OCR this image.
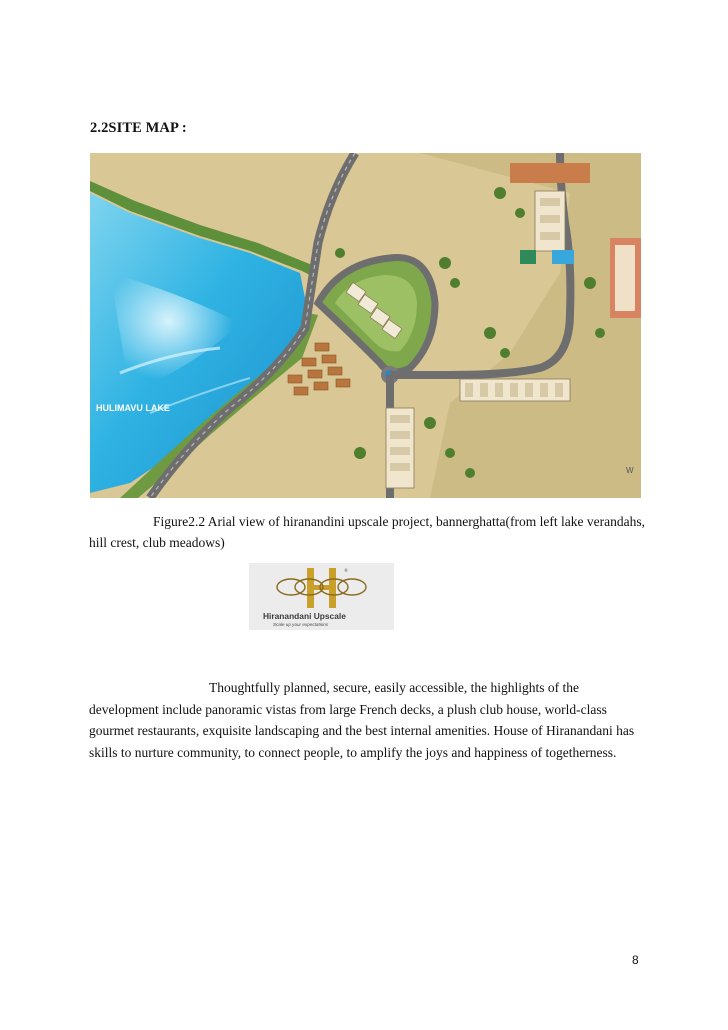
2.2SITE MAP :
HULIMAVU LAKE
W

Figure2.2 Arial view of hiranandini upscale project, bannerghatta(from left lake verandahs, hill crest, club meadows)

®
Hiranandani Upscale
Scale up your expectations

Thoughtfully planned, secure, easily accessible, the highlights of the development include panoramic vistas from large French decks, a plush club house, world-class gourmet restaurants, exquisite landscaping and the best internal amenities. House of Hiranandani has skills to nurture community, to connect people, to amplify the joys and happiness of togetherness.

8
